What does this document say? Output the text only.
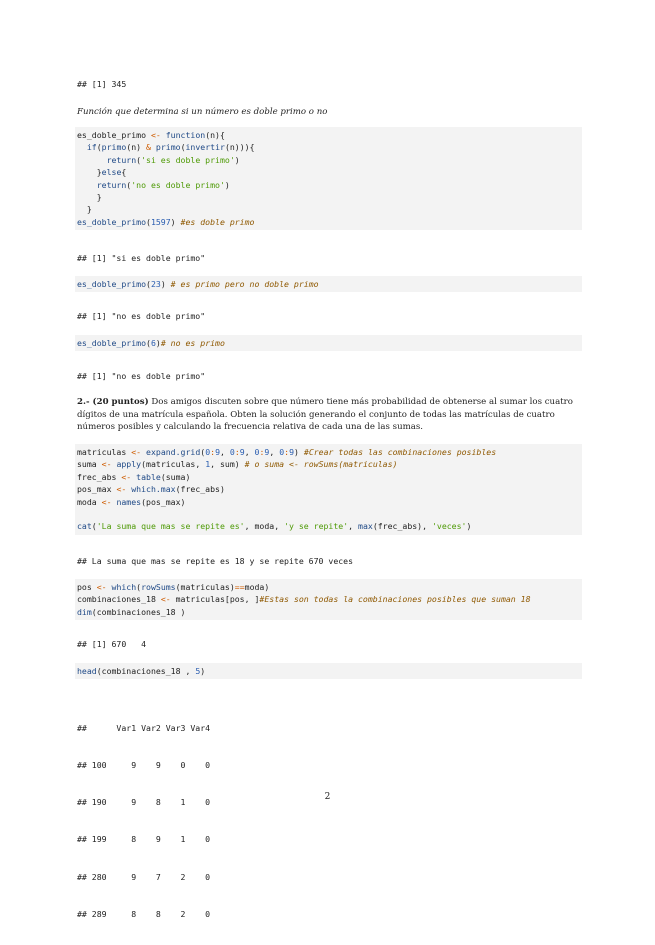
## [1] 345
Función que determina si un número es doble primo o no
es_doble_primo <- function(n){
if(primo(n) & primo(invertir(n))){
return('si es doble primo')
}else{
return('no es doble primo')
}
}
es_doble_primo(1597) #es doble primo
## [1] "si es doble primo"
es_doble_primo(23) # es primo pero no doble primo
## [1] "no es doble primo"
es_doble_primo(6)# no es primo
## [1] "no es doble primo"
2.- (20 puntos) Dos amigos discuten sobre que número tiene más probabilidad de obtenerse al sumar los cuatro dígitos de una matrícula española. Obten la solución generando el conjunto de todas las matrículas de cuatro números posibles y calculando la frecuencia relativa de cada una de las sumas.
matriculas <- expand.grid(0:9, 0:9, 0:9, 0:9) #Crear todas las combinaciones posibles
suma <- apply(matriculas, 1, sum) # o suma <- rowSums(matriculas)
frec_abs <- table(suma)
pos_max <- which.max(frec_abs)
moda <- names(pos_max)
cat('La suma que mas se repite es', moda, 'y se repite', max(frec_abs), 'veces')
## La suma que mas se repite es 18 y se repite 670 veces
pos <- which(rowSums(matriculas)==moda)
combinaciones_18 <- matriculas[pos, ]#Estas son todas la combinaciones posibles que suman 18
dim(combinaciones_18 )
## [1] 670   4
head(combinaciones_18 , 5)

##      Var1 Var2 Var3 Var4

## 100     9    9    0    0

## 190     9    8    1    0

## 199     8    9    1    0

## 280     9    7    2    0

## 289     8    8    2    0

2
